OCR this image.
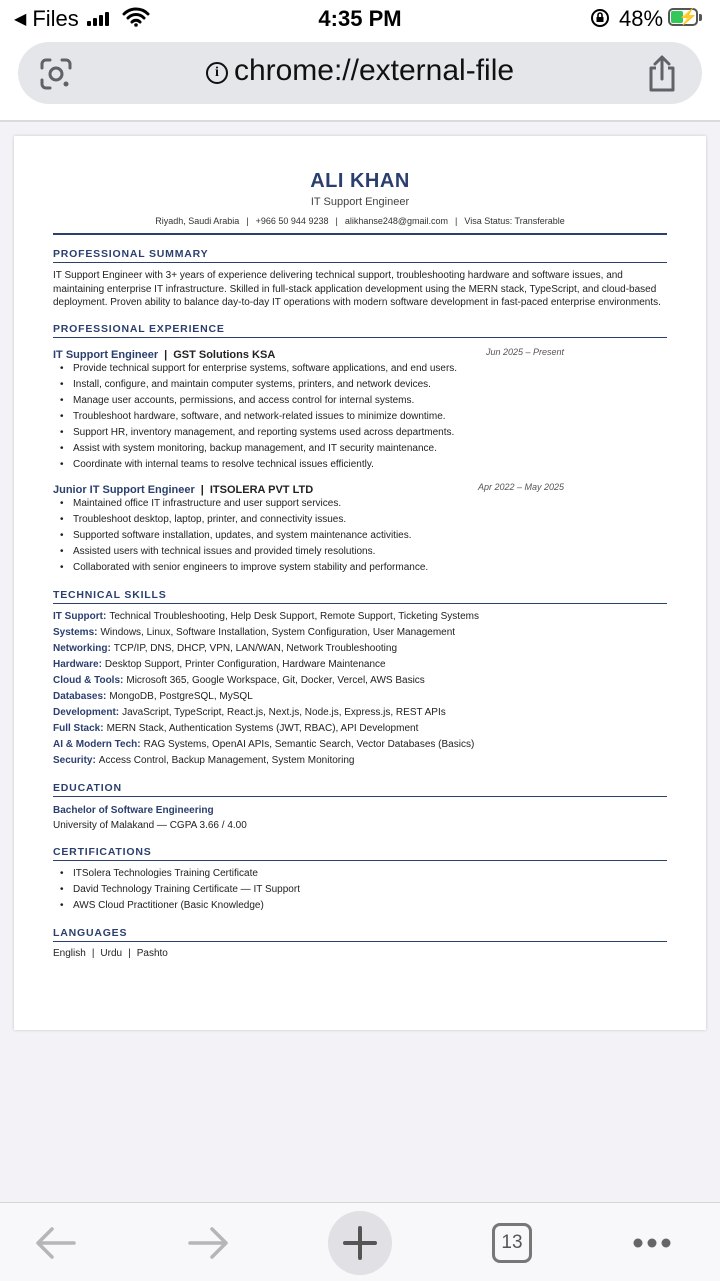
◀ Files	4:35 PM	48% ⚡
i chrome://external-file
ALI KHAN
IT Support Engineer
Riyadh, Saudi Arabia | +966 50 944 9238 | alikhanse248@gmail.com | Visa Status: Transferable
PROFESSIONAL SUMMARY
IT Support Engineer with 3+ years of experience delivering technical support, troubleshooting hardware and software issues, and maintaining enterprise IT infrastructure. Skilled in full-stack application development using the MERN stack, TypeScript, and cloud-based deployment. Proven ability to balance day-to-day IT operations with modern software development in fast-paced enterprise environments.
PROFESSIONAL EXPERIENCE
IT Support Engineer | GST Solutions KSA	Jun 2025 – Present
• Provide technical support for enterprise systems, software applications, and end users.
• Install, configure, and maintain computer systems, printers, and network devices.
• Manage user accounts, permissions, and access control for internal systems.
• Troubleshoot hardware, software, and network-related issues to minimize downtime.
• Support HR, inventory management, and reporting systems used across departments.
• Assist with system monitoring, backup management, and IT security maintenance.
• Coordinate with internal teams to resolve technical issues efficiently.
Junior IT Support Engineer | ITSOLERA PVT LTD	Apr 2022 – May 2025
• Maintained office IT infrastructure and user support services.
• Troubleshoot desktop, laptop, printer, and connectivity issues.
• Supported software installation, updates, and system maintenance activities.
• Assisted users with technical issues and provided timely resolutions.
• Collaborated with senior engineers to improve system stability and performance.
TECHNICAL SKILLS
IT Support: Technical Troubleshooting, Help Desk Support, Remote Support, Ticketing Systems
Systems: Windows, Linux, Software Installation, System Configuration, User Management
Networking: TCP/IP, DNS, DHCP, VPN, LAN/WAN, Network Troubleshooting
Hardware: Desktop Support, Printer Configuration, Hardware Maintenance
Cloud & Tools: Microsoft 365, Google Workspace, Git, Docker, Vercel, AWS Basics
Databases: MongoDB, PostgreSQL, MySQL
Development: JavaScript, TypeScript, React.js, Next.js, Node.js, Express.js, REST APIs
Full Stack: MERN Stack, Authentication Systems (JWT, RBAC), API Development
AI & Modern Tech: RAG Systems, OpenAI APIs, Semantic Search, Vector Databases (Basics)
Security: Access Control, Backup Management, System Monitoring
EDUCATION
Bachelor of Software Engineering
University of Malakand — CGPA 3.66 / 4.00
CERTIFICATIONS
• ITSolera Technologies Training Certificate
• David Technology Training Certificate — IT Support
• AWS Cloud Practitioner (Basic Knowledge)
LANGUAGES
English | Urdu | Pashto
13
